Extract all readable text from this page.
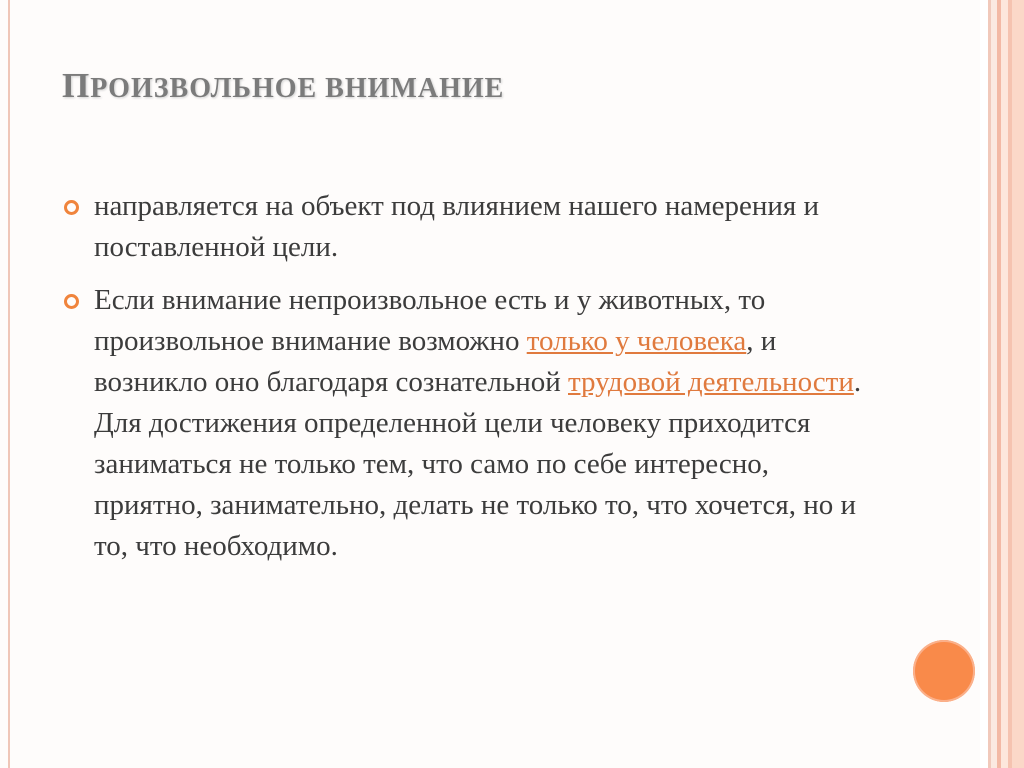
ПРОИЗВОЛЬНОЕ ВНИМАНИЕ
направляется на объект под влиянием нашего намерения и поставленной цели.
Если внимание непроизвольное есть и у животных, то произвольное внимание возможно только у человека, и возникло оно благодаря сознательной трудовой деятельности. Для достижения определенной цели человеку приходится заниматься не только тем, что само по себе интересно, приятно, занимательно, делать не только то, что хочется, но и то, что необходимо.
